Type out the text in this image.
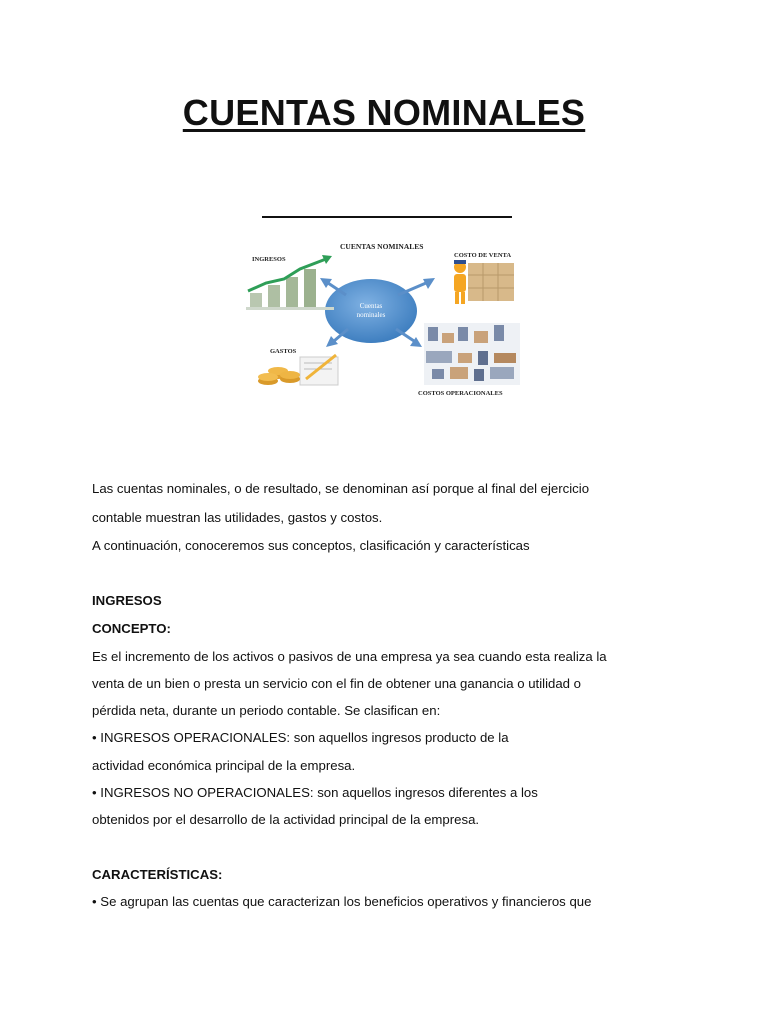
CUENTAS NOMINALES
CUENTAS NOMINALES
Cuentas
nominales
INGRESOS
COSTO DE VENTA
GASTOS
COSTOS OPERACIONALES
Las cuentas nominales, o de resultado, se denominan así porque al final del ejercicio
contable muestran las utilidades, gastos y costos.
A continuación, conoceremos sus conceptos, clasificación y características
INGRESOS
CONCEPTO:
Es el incremento de los activos o pasivos de una empresa ya sea cuando esta realiza la
venta de un bien o presta un servicio con el fin de obtener una ganancia o utilidad o
pérdida neta, durante un periodo contable. Se clasifican en:
• INGRESOS OPERACIONALES: son aquellos ingresos producto de la
actividad económica principal de la empresa.
• INGRESOS NO OPERACIONALES: son aquellos ingresos diferentes a los
obtenidos por el desarrollo de la actividad principal de la empresa.
CARACTERÍSTICAS:
• Se agrupan las cuentas que caracterizan los beneficios operativos y financieros que
